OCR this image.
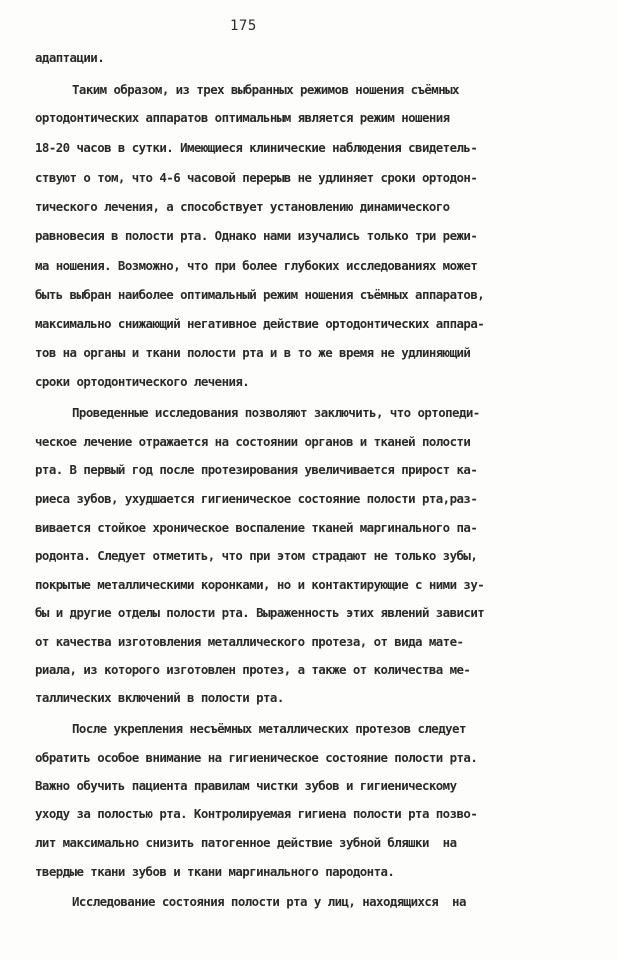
175
адаптации.
Таким образом, из трех выбранных режимов ношения съёмных
ортодонтических аппаратов оптимальным является режим ношения
18-20 часов в сутки. Имеющиеся клинические наблюдения свидетель-
ствуют о том, что 4-6 часовой перерыв не удлиняет сроки ортодон-
тического лечения, а способствует установлению динамического
равновесия в полости рта. Однако нами изучались только три режи-
ма ношения. Возможно, что при более глубоких исследованиях может
быть выбран наиболее оптимальный режим ношения съёмных аппаратов,
максимально снижающий негативное действие ортодонтических аппара-
тов на органы и ткани полости рта и в то же время не удлиняющий
сроки ортодонтического лечения.
Проведенные исследования позволяют заключить, что ортопеди-
ческое лечение отражается на состоянии органов и тканей полости
рта. В первый год после протезирования увеличивается прирост ка-
риеса зубов, ухудшается гигиеническое состояние полости рта,раз-
вивается стойкое хроническое воспаление тканей маргинального па-
родонта. Следует отметить, что при этом страдают не только зубы,
покрытые металлическими коронками, но и контактирующие с ними зу-
бы и другие отделы полости рта. Выраженность этих явлений зависит
от качества изготовления металлического протеза, от вида мате-
риала, из которого изготовлен протез, а также от количества ме-
таллических включений в полости рта.
После укрепления несъёмных металлических протезов следует
обратить особое внимание на гигиеническое состояние полости рта.
Важно обучить пациента правилам чистки зубов и гигиеническому
уходу за полостью рта. Контролируемая гигиена полости рта позво-
лит максимально снизить патогенное действие зубной бляшки  на
твердые ткани зубов и ткани маргинального пародонта.
Исследование состояния полости рта у лиц, находящихся  на
